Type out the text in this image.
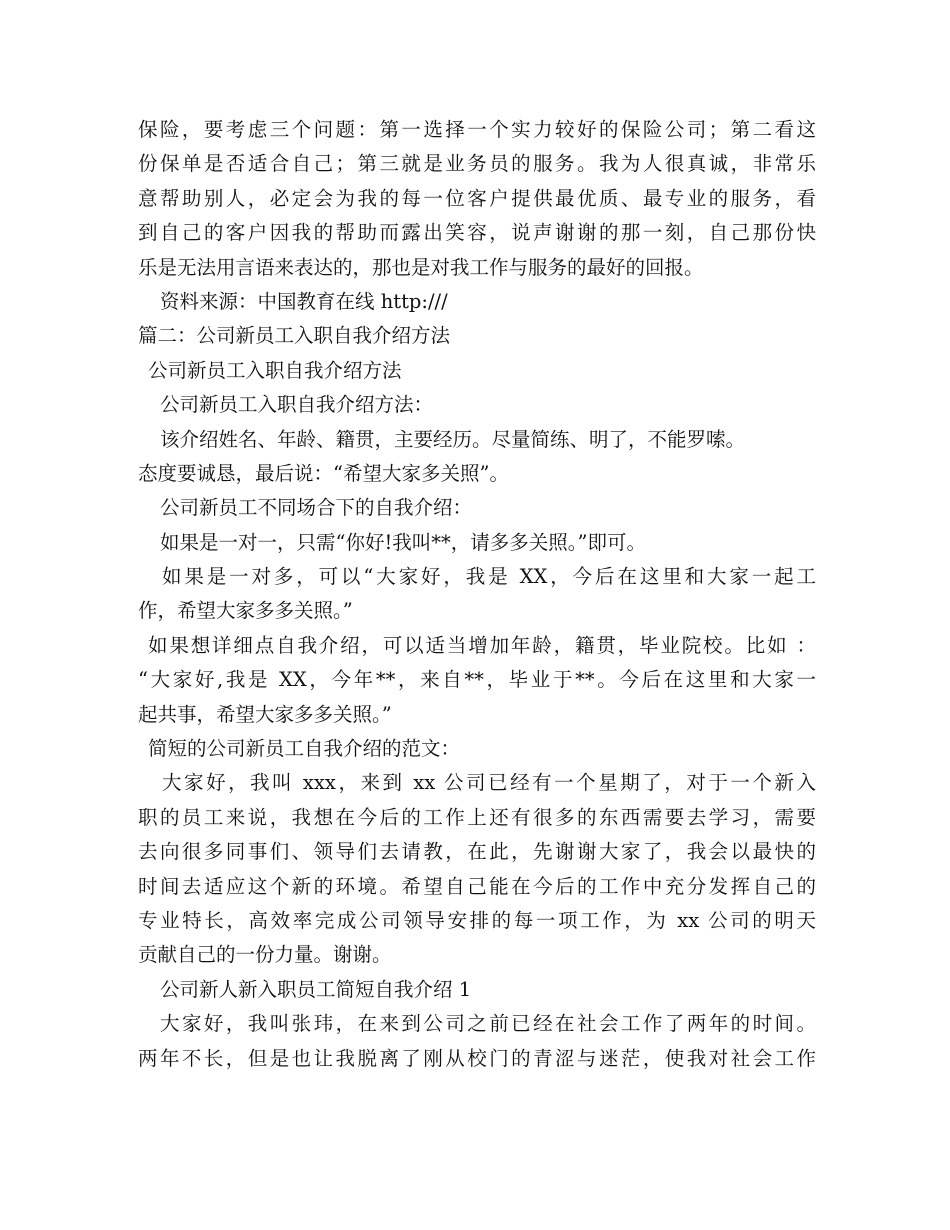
保险，要考虑三个问题：第一选择一个实力较好的保险公司；第二看这
份保单是否适合自己；第三就是业务员的服务。我为人很真诚，非常乐
意帮助别人，必定会为我的每一位客户提供最优质、最专业的服务，看
到自己的客户因我的帮助而露出笑容，说声谢谢的那一刻，自己那份快
乐是无法用言语来表达的，那也是对我工作与服务的最好的回报。
资料来源：中国教育在线 http:///
篇二：公司新员工入职自我介绍方法
公司新员工入职自我介绍方法
公司新员工入职自我介绍方法：
该介绍姓名、年龄、籍贯，主要经历。尽量简练、明了，不能罗嗦。
态度要诚恳，最后说：“希望大家多关照”。
公司新员工不同场合下的自我介绍：
如果是一对一，只需“你好!我叫**，请多多关照。”即可。
如果是一对多，可以“大家好，我是 XX，今后在这里和大家一起工
作，希望大家多多关照。”
如果想详细点自我介绍，可以适当增加年龄，籍贯，毕业院校。比如 ：
“大家好,我是 XX，今年**，来自**，毕业于**。今后在这里和大家一
起共事，希望大家多多关照。”
简短的公司新员工自我介绍的范文：
大家好，我叫 xxx，来到 xx 公司已经有一个星期了，对于一个新入
职的员工来说，我想在今后的工作上还有很多的东西需要去学习，需要
去向很多同事们、领导们去请教，在此，先谢谢大家了，我会以最快的
时间去适应这个新的环境。希望自己能在今后的工作中充分发挥自己的
专业特长，高效率完成公司领导安排的每一项工作，为 xx 公司的明天
贡献自己的一份力量。谢谢。
公司新人新入职员工简短自我介绍 1
大家好，我叫张玮，在来到公司之前已经在社会工作了两年的时间。
两年不长，但是也让我脱离了刚从校门的青涩与迷茫，使我对社会工作
